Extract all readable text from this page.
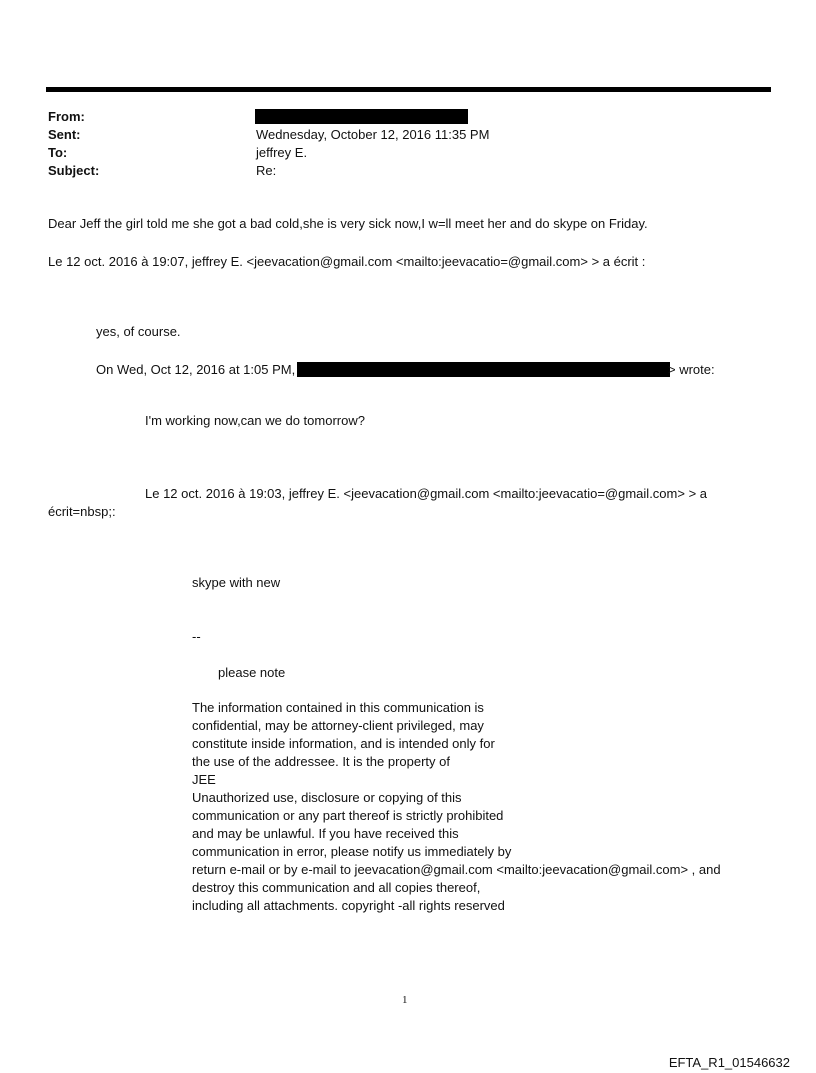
From:
Sent:	Wednesday, October 12, 2016 11:35 PM
To:	jeffrey E.
Subject:	Re:
Dear Jeff the girl told me she got a bad cold,she is very sick now,I w=ll meet her and do skype on Friday.
Le 12 oct. 2016 à 19:07, jeffrey E. <jeevacation@gmail.com <mailto:jeevacatio=@gmail.com> > a écrit :
yes, of course.
On Wed, Oct 12, 2016 at 1:05 PM,	> wrote:
I'm working now,can we do tomorrow?
Le 12 oct. 2016 à 19:03, jeffrey E. <jeevacation@gmail.com <mailto:jeevacatio=@gmail.com> > a
écrit=nbsp;:
skype with new
--
please note
The information contained in this communication is
confidential, may be attorney-client privileged, may
constitute inside information, and is intended only for
the use of the addressee. It is the property of
JEE
Unauthorized use, disclosure or copying of this
communication or any part thereof is strictly prohibited
and may be unlawful. If you have received this
communication in error, please notify us immediately by
return e-mail or by e-mail to jeevacation@gmail.com <mailto:jeevacation@gmail.com> , and
destroy this communication and all copies thereof,
including all attachments. copyright -all rights reserved
1
EFTA_R1_01546632
